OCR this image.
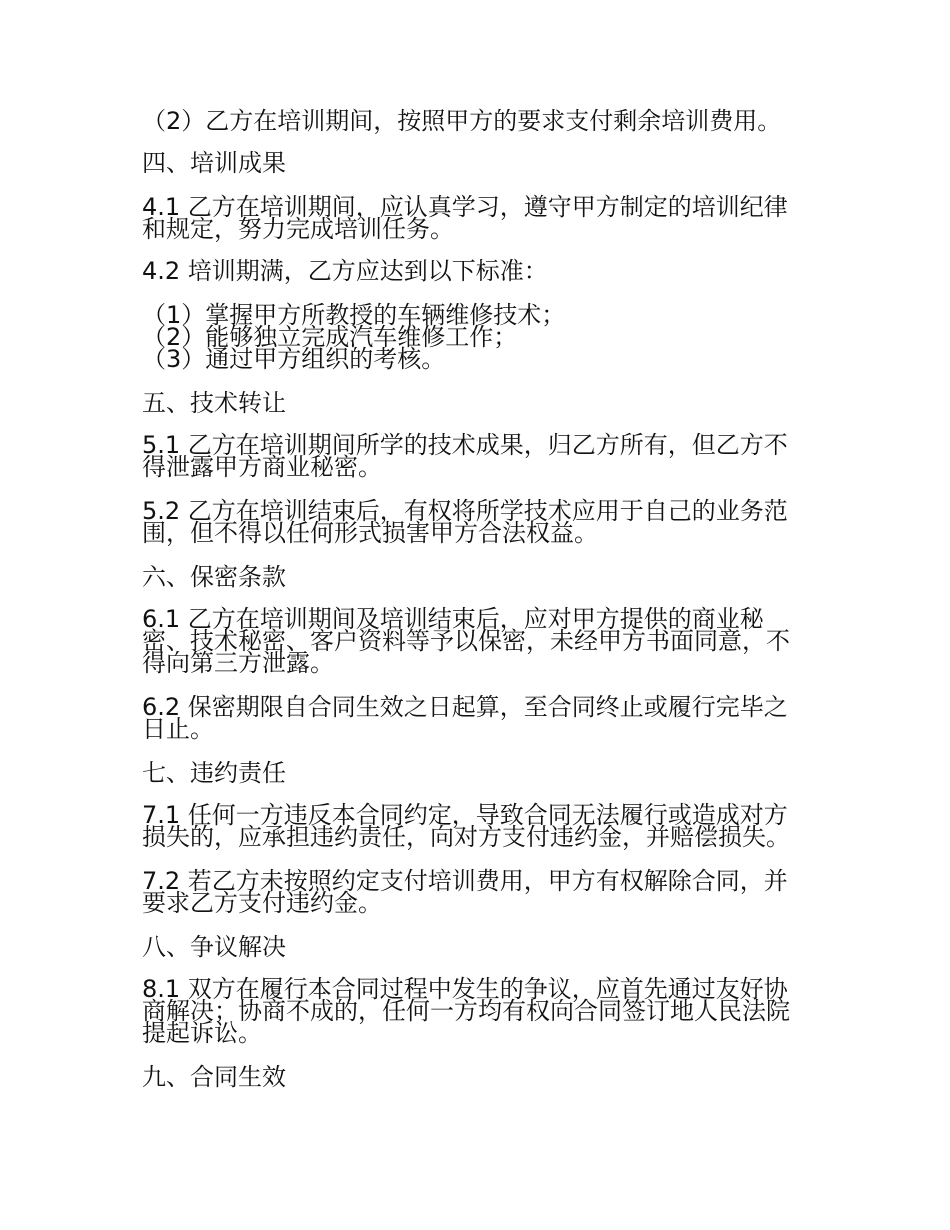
（2）乙方在培训期间，按照甲方的要求支付剩余培训费用。
四、培训成果
4.1 乙方在培训期间，应认真学习，遵守甲方制定的培训纪律
和规定，努力完成培训任务。
4.2 培训期满，乙方应达到以下标准：
（1）掌握甲方所教授的车辆维修技术；
（2）能够独立完成汽车维修工作；
（3）通过甲方组织的考核。
五、技术转让
5.1 乙方在培训期间所学的技术成果，归乙方所有，但乙方不
得泄露甲方商业秘密。
5.2 乙方在培训结束后，有权将所学技术应用于自己的业务范
围，但不得以任何形式损害甲方合法权益。
六、保密条款
6.1 乙方在培训期间及培训结束后，应对甲方提供的商业秘
密、技术秘密、客户资料等予以保密，未经甲方书面同意，不
得向第三方泄露。
6.2 保密期限自合同生效之日起算，至合同终止或履行完毕之
日止。
七、违约责任
7.1 任何一方违反本合同约定，导致合同无法履行或造成对方
损失的，应承担违约责任，向对方支付违约金，并赔偿损失。
7.2 若乙方未按照约定支付培训费用，甲方有权解除合同，并
要求乙方支付违约金。
八、争议解决
8.1 双方在履行本合同过程中发生的争议，应首先通过友好协
商解决；协商不成的，任何一方均有权向合同签订地人民法院
提起诉讼。
九、合同生效
